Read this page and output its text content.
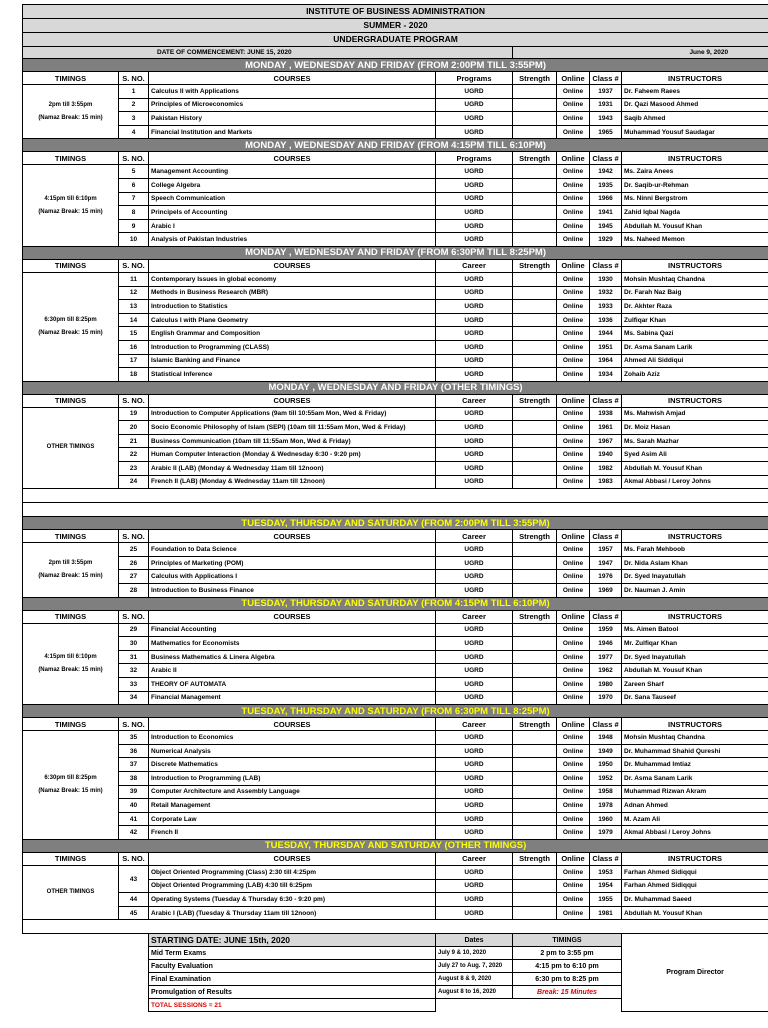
INSTITUTE OF BUSINESS ADMINISTRATION							
SUMMER - 2020							
UNDERGRADUATE PROGRAM							
DATE OF COMMENCEMENT: JUNE 15, 2020				June 9, 2020			
MONDAY , WEDNESDAY AND FRIDAY (FROM 2:00PM TILL 3:55PM)							
TIMINGS	S. NO.	COURSES	Programs	Strength	Online	Class #	INSTRUCTORS

2pm till 3:55pm
(Namaz Break: 15 min)	1	Calculus II with Applications	UGRD		Online	1937	Dr. Faheem Raees
	2	Principles of Microeconomics	UGRD		Online	1931	Dr. Qazi Masood Ahmed
	3	Pakistan History	UGRD		Online	1943	Saqib Ahmed
	4	Financial Institution and Markets	UGRD		Online	1965	Muhammad Yousuf Saudagar
MONDAY , WEDNESDAY AND FRIDAY (FROM 4:15PM TILL 6:10PM)							
TIMINGS	S. NO.	COURSES	Programs	Strength	Online	Class #	INSTRUCTORS

4:15pm till 6:10pm
(Namaz Break: 15 min)	5	Management Accounting	UGRD		Online	1942	Ms. Zaira Anees
	6	College Algebra	UGRD		Online	1935	Dr. Saqib-ur-Rehman
	7	Speech Communication	UGRD		Online	1966	Ms. Ninni Bergstrom
	8	Principels of Accounting	UGRD		Online	1941	Zahid Iqbal Nagda
	9	Arabic I	UGRD		Online	1945	Abdullah M. Yousuf Khan
	10	Analysis of Pakistan Industries	UGRD		Online	1929	Ms. Naheed Memon
MONDAY , WEDNESDAY AND FRIDAY (FROM 6:30PM TILL 8:25PM)							
TIMINGS	S. NO.	COURSES	Career	Strength	Online	Class #	INSTRUCTORS

6:30pm till 8:25pm
(Namaz Break: 15 min)	11	Contemporary Issues in global economy	UGRD		Online	1930	Mohsin Mushtaq Chandna
	12	Methods in Business Research (MBR)	UGRD		Online	1932	Dr. Farah Naz Baig
	13	Introduction to Statistics	UGRD		Online	1933	Dr. Akhter Raza
	14	Calculus I with Plane Geometry	UGRD		Online	1936	Zulfiqar Khan
	15	English Grammar and Composition	UGRD		Online	1944	Ms. Sabina Qazi
	16	Introduction to Programming (CLASS)	UGRD		Online	1951	Dr. Asma Sanam Larik
	17	Islamic Banking and Finance	UGRD		Online	1964	Ahmed Ali Siddiqui
	18	Statistical Inference	UGRD		Online	1934	Zohaib Aziz
MONDAY , WEDNESDAY AND FRIDAY (OTHER TIMINGS)							
TIMINGS	S. NO.	COURSES	Career	Strength	Online	Class #	INSTRUCTORS

OTHER TIMINGS	19	Introduction to Computer Applications (9am till 10:55am Mon, Wed & Friday)	UGRD		Online	1938	Ms. Mahwish Amjad
	20	Socio Economic Philosophy of Islam (SEPI) (10am till 11:55am Mon, Wed & Friday)	UGRD		Online	1961	Dr. Moiz Hasan
	21	Business Communication (10am till 11:55am Mon, Wed & Friday)	UGRD		Online	1967	Ms. Sarah Mazhar
	22	Human Computer Interaction (Monday & Wednesday 6:30 - 9:20 pm)	UGRD		Online	1940	Syed Asim Ali
	23	Arabic II (LAB) (Monday & Wednesday 11am till 12noon)	UGRD		Online	1982	Abdullah M. Yousuf Khan
	24	French II (LAB) (Monday & Wednesday 11am till 12noon)	UGRD		Online	1983	Akmal Abbasi / Leroy Johns

TUESDAY, THURSDAY AND SATURDAY (FROM 2:00PM TILL 3:55PM)							
TIMINGS	S. NO.	COURSES	Career	Strength	Online	Class #	INSTRUCTORS

2pm till 3:55pm
(Namaz Break: 15 min)	25	Foundation to Data Science	UGRD		Online	1957	Ms. Farah Mehboob
	26	Principles of Marketing (POM)	UGRD		Online	1947	Dr. Nida Aslam Khan
	27	Calculus with Applications I	UGRD		Online	1976	Dr. Syed Inayatullah
	28	Introduction to Business Finance	UGRD		Online	1969	Dr. Nauman J. Amin
TUESDAY, THURSDAY AND SATURDAY (FROM 4:15PM TILL 6:10PM)							
TIMINGS	S. NO.	COURSES	Career	Strength	Online	Class #	INSTRUCTORS

4:15pm till 6:10pm
(Namaz Break: 15 min)	29	Financial Accounting	UGRD		Online	1959	Ms. Aimen Batool
	30	Mathematics for Economists	UGRD		Online	1946	Mr. Zulfiqar Khan
	31	Business Mathematics & Linera Algebra	UGRD		Online	1977	Dr. Syed Inayatullah
	32	Arabic II	UGRD		Online	1962	Abdullah M. Yousuf Khan
	33	THEORY OF AUTOMATA	UGRD		Online	1980	Zareen Sharf
	34	Financial Management	UGRD		Online	1970	Dr. Sana Tauseef
TUESDAY, THURSDAY AND SATURDAY (FROM 6:30PM TILL 8:25PM)							
TIMINGS	S. NO.	COURSES	Career	Strength	Online	Class #	INSTRUCTORS

6:30pm till 8:25pm
(Namaz Break: 15 min)	35	Introduction to Economics	UGRD		Online	1948	Mohsin Mushtaq Chandna
	36	Numerical Analysis	UGRD		Online	1949	Dr. Muhammad Shahid Qureshi
	37	Discrete Mathematics	UGRD		Online	1950	Dr. Muhammad Imtiaz
	38	Introduction to Programming (LAB)	UGRD		Online	1952	Dr. Asma Sanam Larik
	39	Computer Architecture and Assembly Language	UGRD		Online	1958	Muhammad Rizwan Akram
	40	Retail Management	UGRD		Online	1978	Adnan Ahmed
	41	Corporate Law	UGRD		Online	1960	M. Azam Ali
	42	French II	UGRD		Online	1979	Akmal Abbasi / Leroy Johns
TUESDAY, THURSDAY AND SATURDAY (OTHER TIMINGS)							
TIMINGS	S. NO.	COURSES	Career	Strength	Online	Class #	INSTRUCTORS

OTHER TIMINGS	43	Object Oriented Programming (Class) 2:30 till 4:25pm	UGRD		Online	1953	Farhan Ahmed Sidiqqui
		Object Oriented Programming (LAB) 4:30 till 6:25pm	UGRD		Online	1954	Farhan Ahmed Sidiqqui
	44	Operating Systems (Tuesday & Thursday 6:30 - 9:20 pm)	UGRD		Online	1955	Dr. Muhammad Saeed
	45	Arabic I (LAB) (Tuesday & Thursday 11am till 12noon)	UGRD		Online	1981	Abdullah M. Yousuf Khan

		STARTING DATE: JUNE 15th, 2020	Dates	TIMINGS			Program Director
		Mid Term Exams	July 9 & 10, 2020	2 pm to 3:55 pm			
		Faculty Evaluation	July 27 to Aug. 7, 2020	4:15 pm to 6:10 pm			
		Final Examination	August 8 & 9, 2020	6:30 pm to 8:25 pm			
		Promulgation of Results	August 8 to 16, 2020	Break: 15 Minutes			
		TOTAL SESSIONS = 21					
